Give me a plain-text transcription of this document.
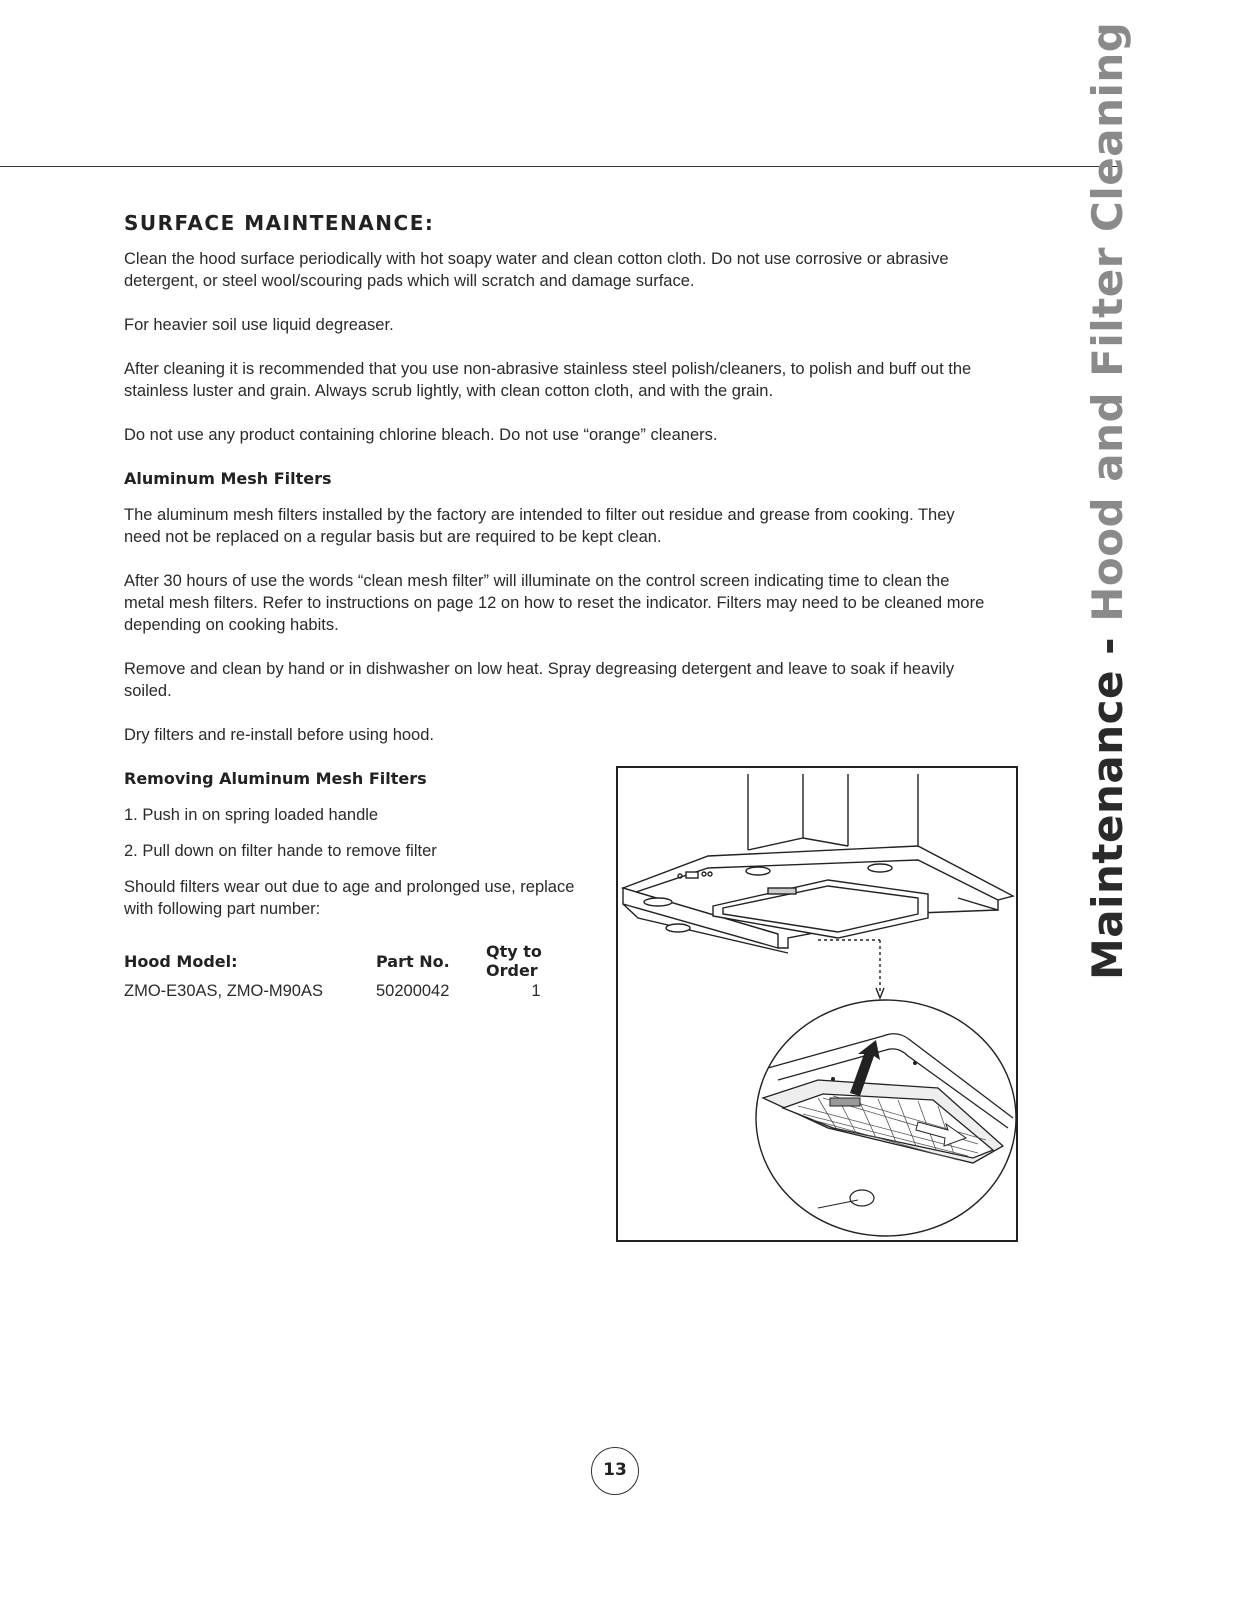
SURFACE MAINTENANCE:

Clean the hood surface periodically with hot soapy water and clean cotton cloth. Do not use corrosive or abrasive detergent, or steel wool/scouring pads which will scratch and damage surface.

For heavier soil use liquid degreaser.

After cleaning it is recommended that you use non-abrasive stainless steel polish/cleaners, to polish and buff out the stainless luster and grain. Always scrub lightly, with clean cotton cloth, and with the grain.

Do not use any product containing chlorine bleach. Do not use “orange” cleaners.

Aluminum Mesh Filters

The aluminum mesh filters installed by the factory are intended to filter out residue and grease from cooking. They need not be replaced on a regular basis but are required to be kept clean.

After 30 hours of use the words “clean mesh filter” will illuminate on the control screen indicating time to clean the metal mesh filters. Refer to instructions on page 12 on how to reset the indicator. Filters may need to be cleaned more depending on cooking habits.

Remove and clean by hand or in dishwasher on low heat. Spray degreasing detergent and leave to soak if heavily soiled.

Dry filters and re-install before using hood.

Removing Aluminum Mesh Filters

1. Push in on spring loaded handle

2. Pull down on filter hande to remove filter

Should filters wear out due to age and prolonged use, replace with following part number:

Hood Model:	Part No.	Qty to Order
ZMO-E30AS, ZMO-M90AS	50200042	1
Maintenance - Hood and Filter Cleaning
13
